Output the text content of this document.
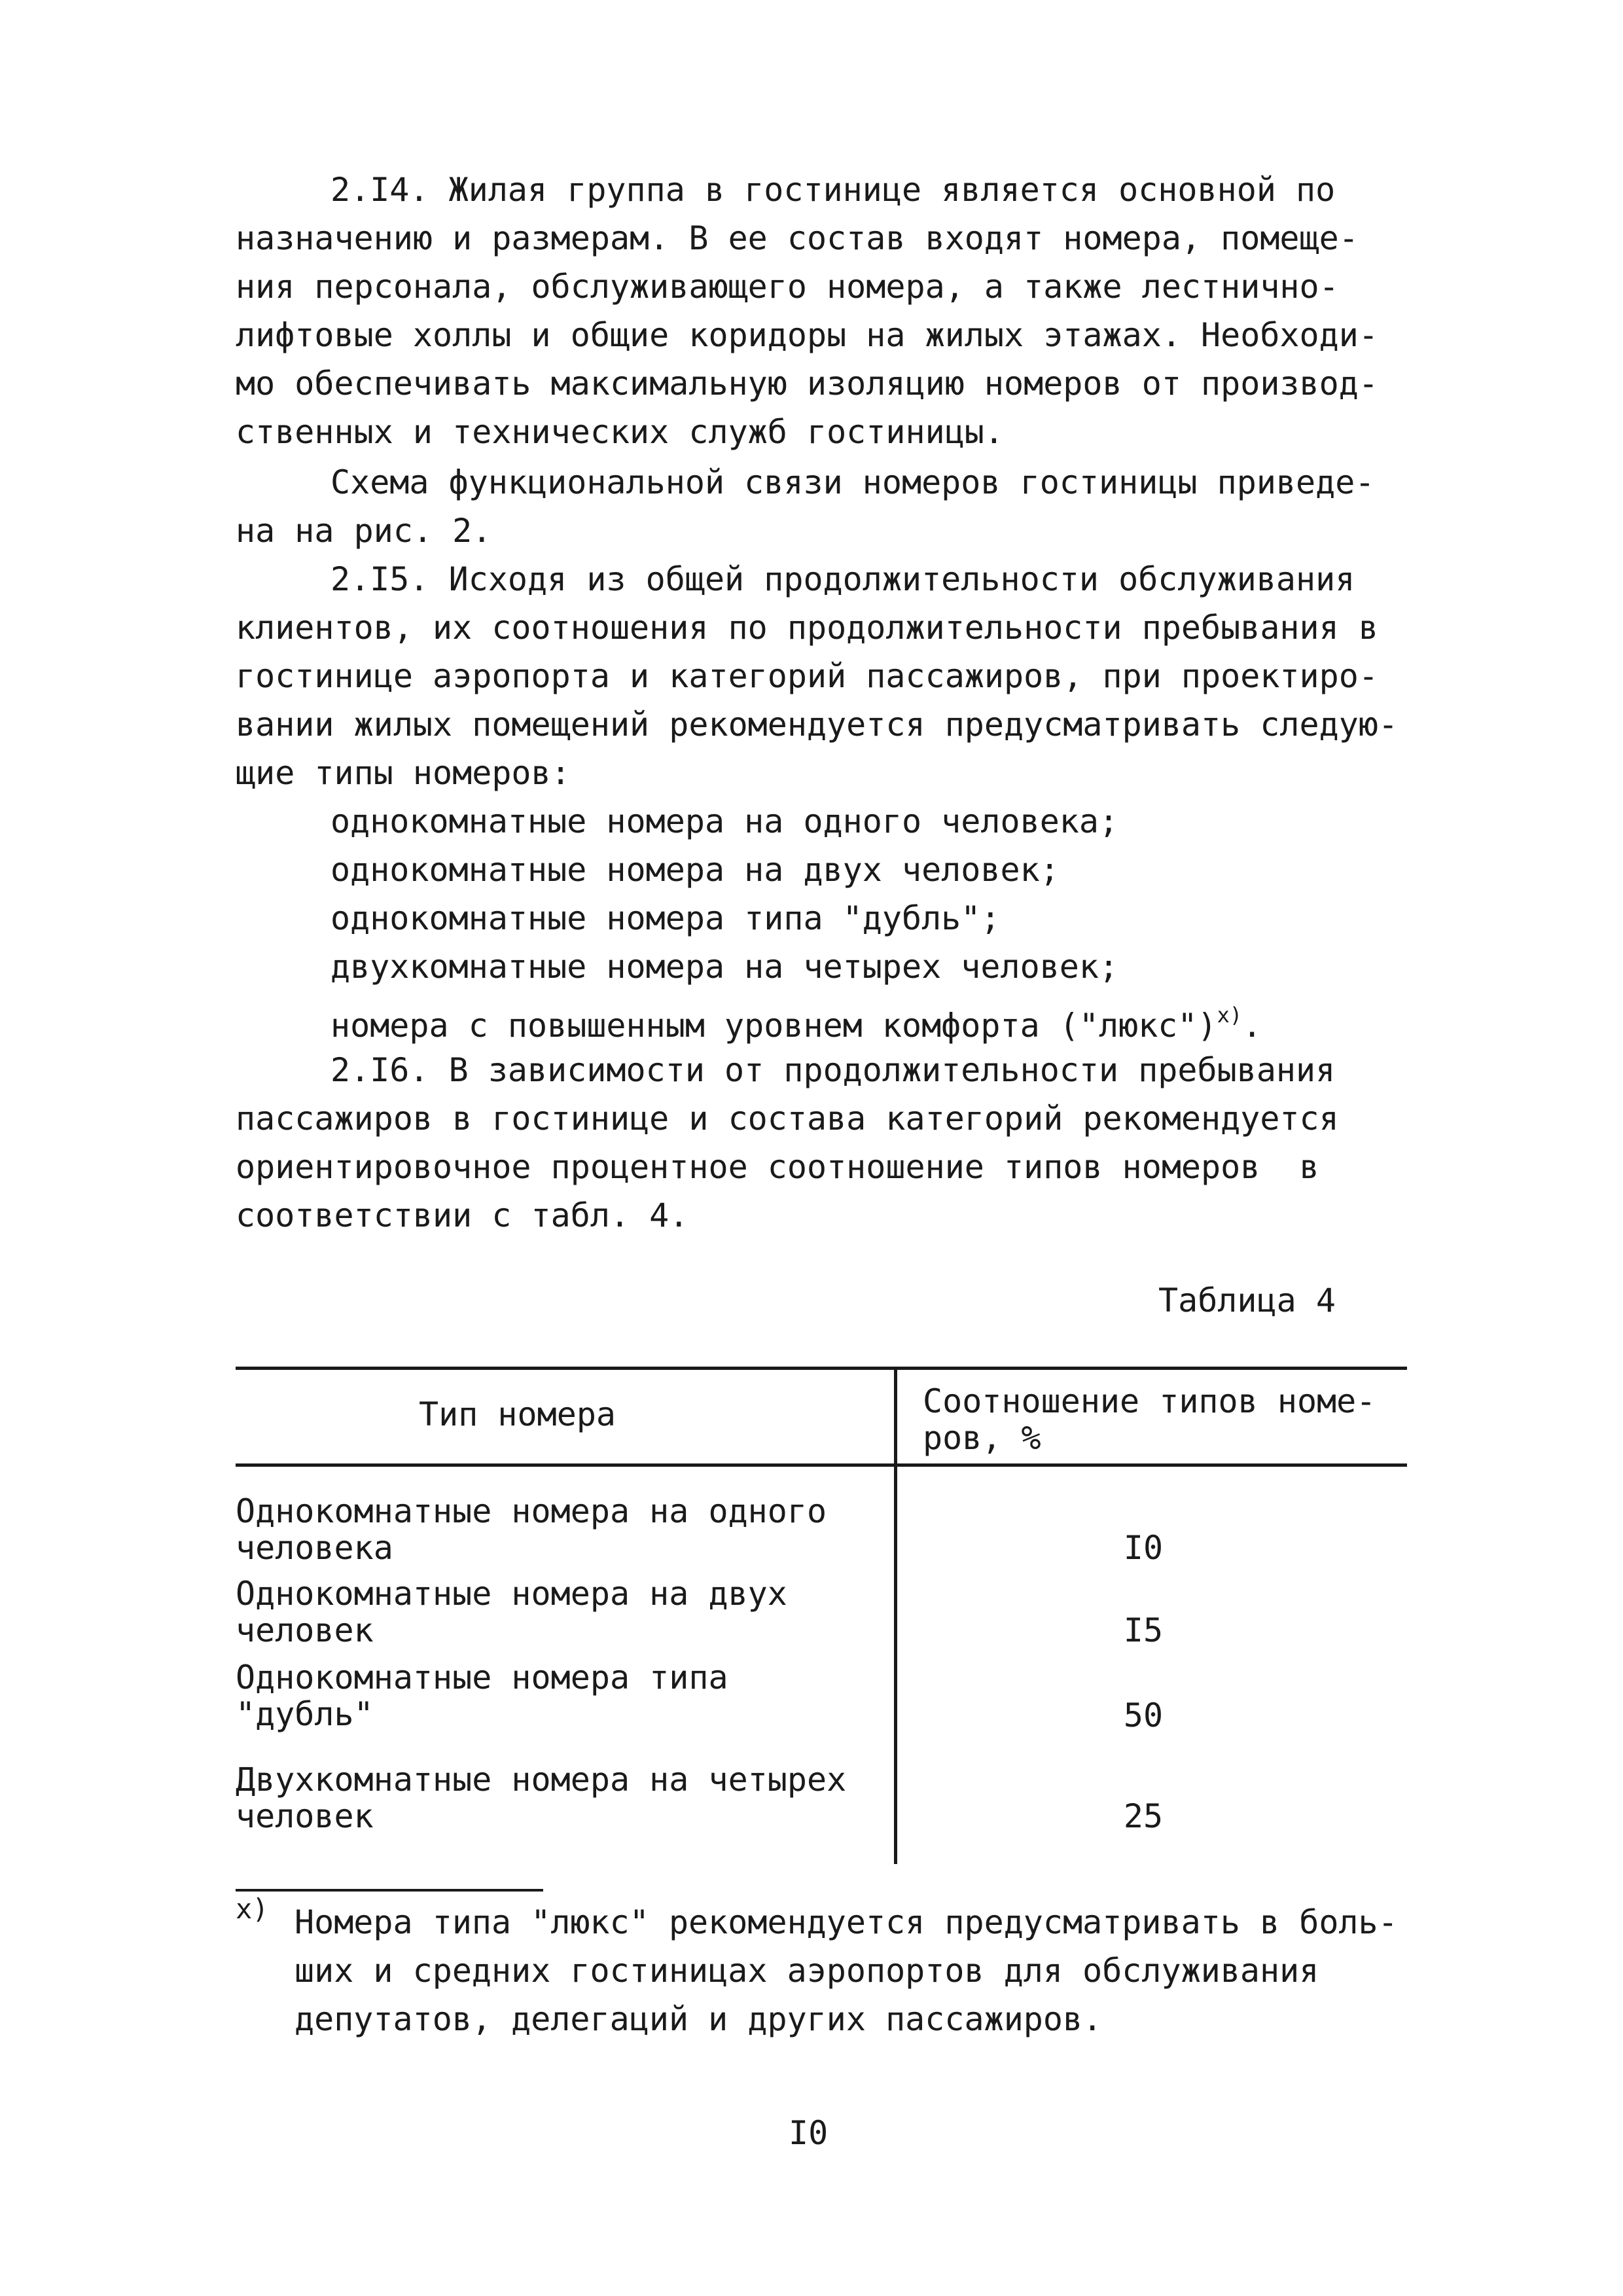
2.I4. Жилая группа в гостинице является основной по

назначению и размерам. В ее состав входят номера, помеще-

ния персонала, обслуживающего номера, а также лестнично-

лифтовые холлы и общие коридоры на жилых этажах. Необходи-

мо обеспечивать максимальную изоляцию номеров от производ-

ственных и технических служб гостиницы.

Схема функциональной связи номеров гостиницы приведе-

на на рис. 2.

2.I5. Исходя из общей продолжительности обслуживания

клиентов, их соотношения по продолжительности пребывания в

гостинице аэропорта и категорий пассажиров, при проектиро-

вании жилых помещений рекомендуется предусматривать следую-

щие типы номеров:

однокомнатные номера на одного человека;

однокомнатные номера на двух человек;

однокомнатные номера типа "дубль";

двухкомнатные номера на четырех человек;

номера с повышенным уровнем комфорта ("люкс")$^{x)}$.

2.I6. В зависимости от продолжительности пребывания

пассажиров в гостинице и состава категорий рекомендуется

ориентировочное процентное соотношение типов номеров  в

соответствии с табл. 4.

Таблица 4

Тип номера	Соотношение типов номе-

ров, %

Однокомнатные номера на одного

человека	I0

Однокомнатные номера на двух

человек	I5

Однокомнатные номера типа

"дубль"	50

Двухкомнатные номера на четырех

человек	25

x) Номера типа "люкс" рекомендуется предусматривать в боль-

ших и средних гостиницах аэропортов для обслуживания

депутатов, делегаций и других пассажиров.

I0
